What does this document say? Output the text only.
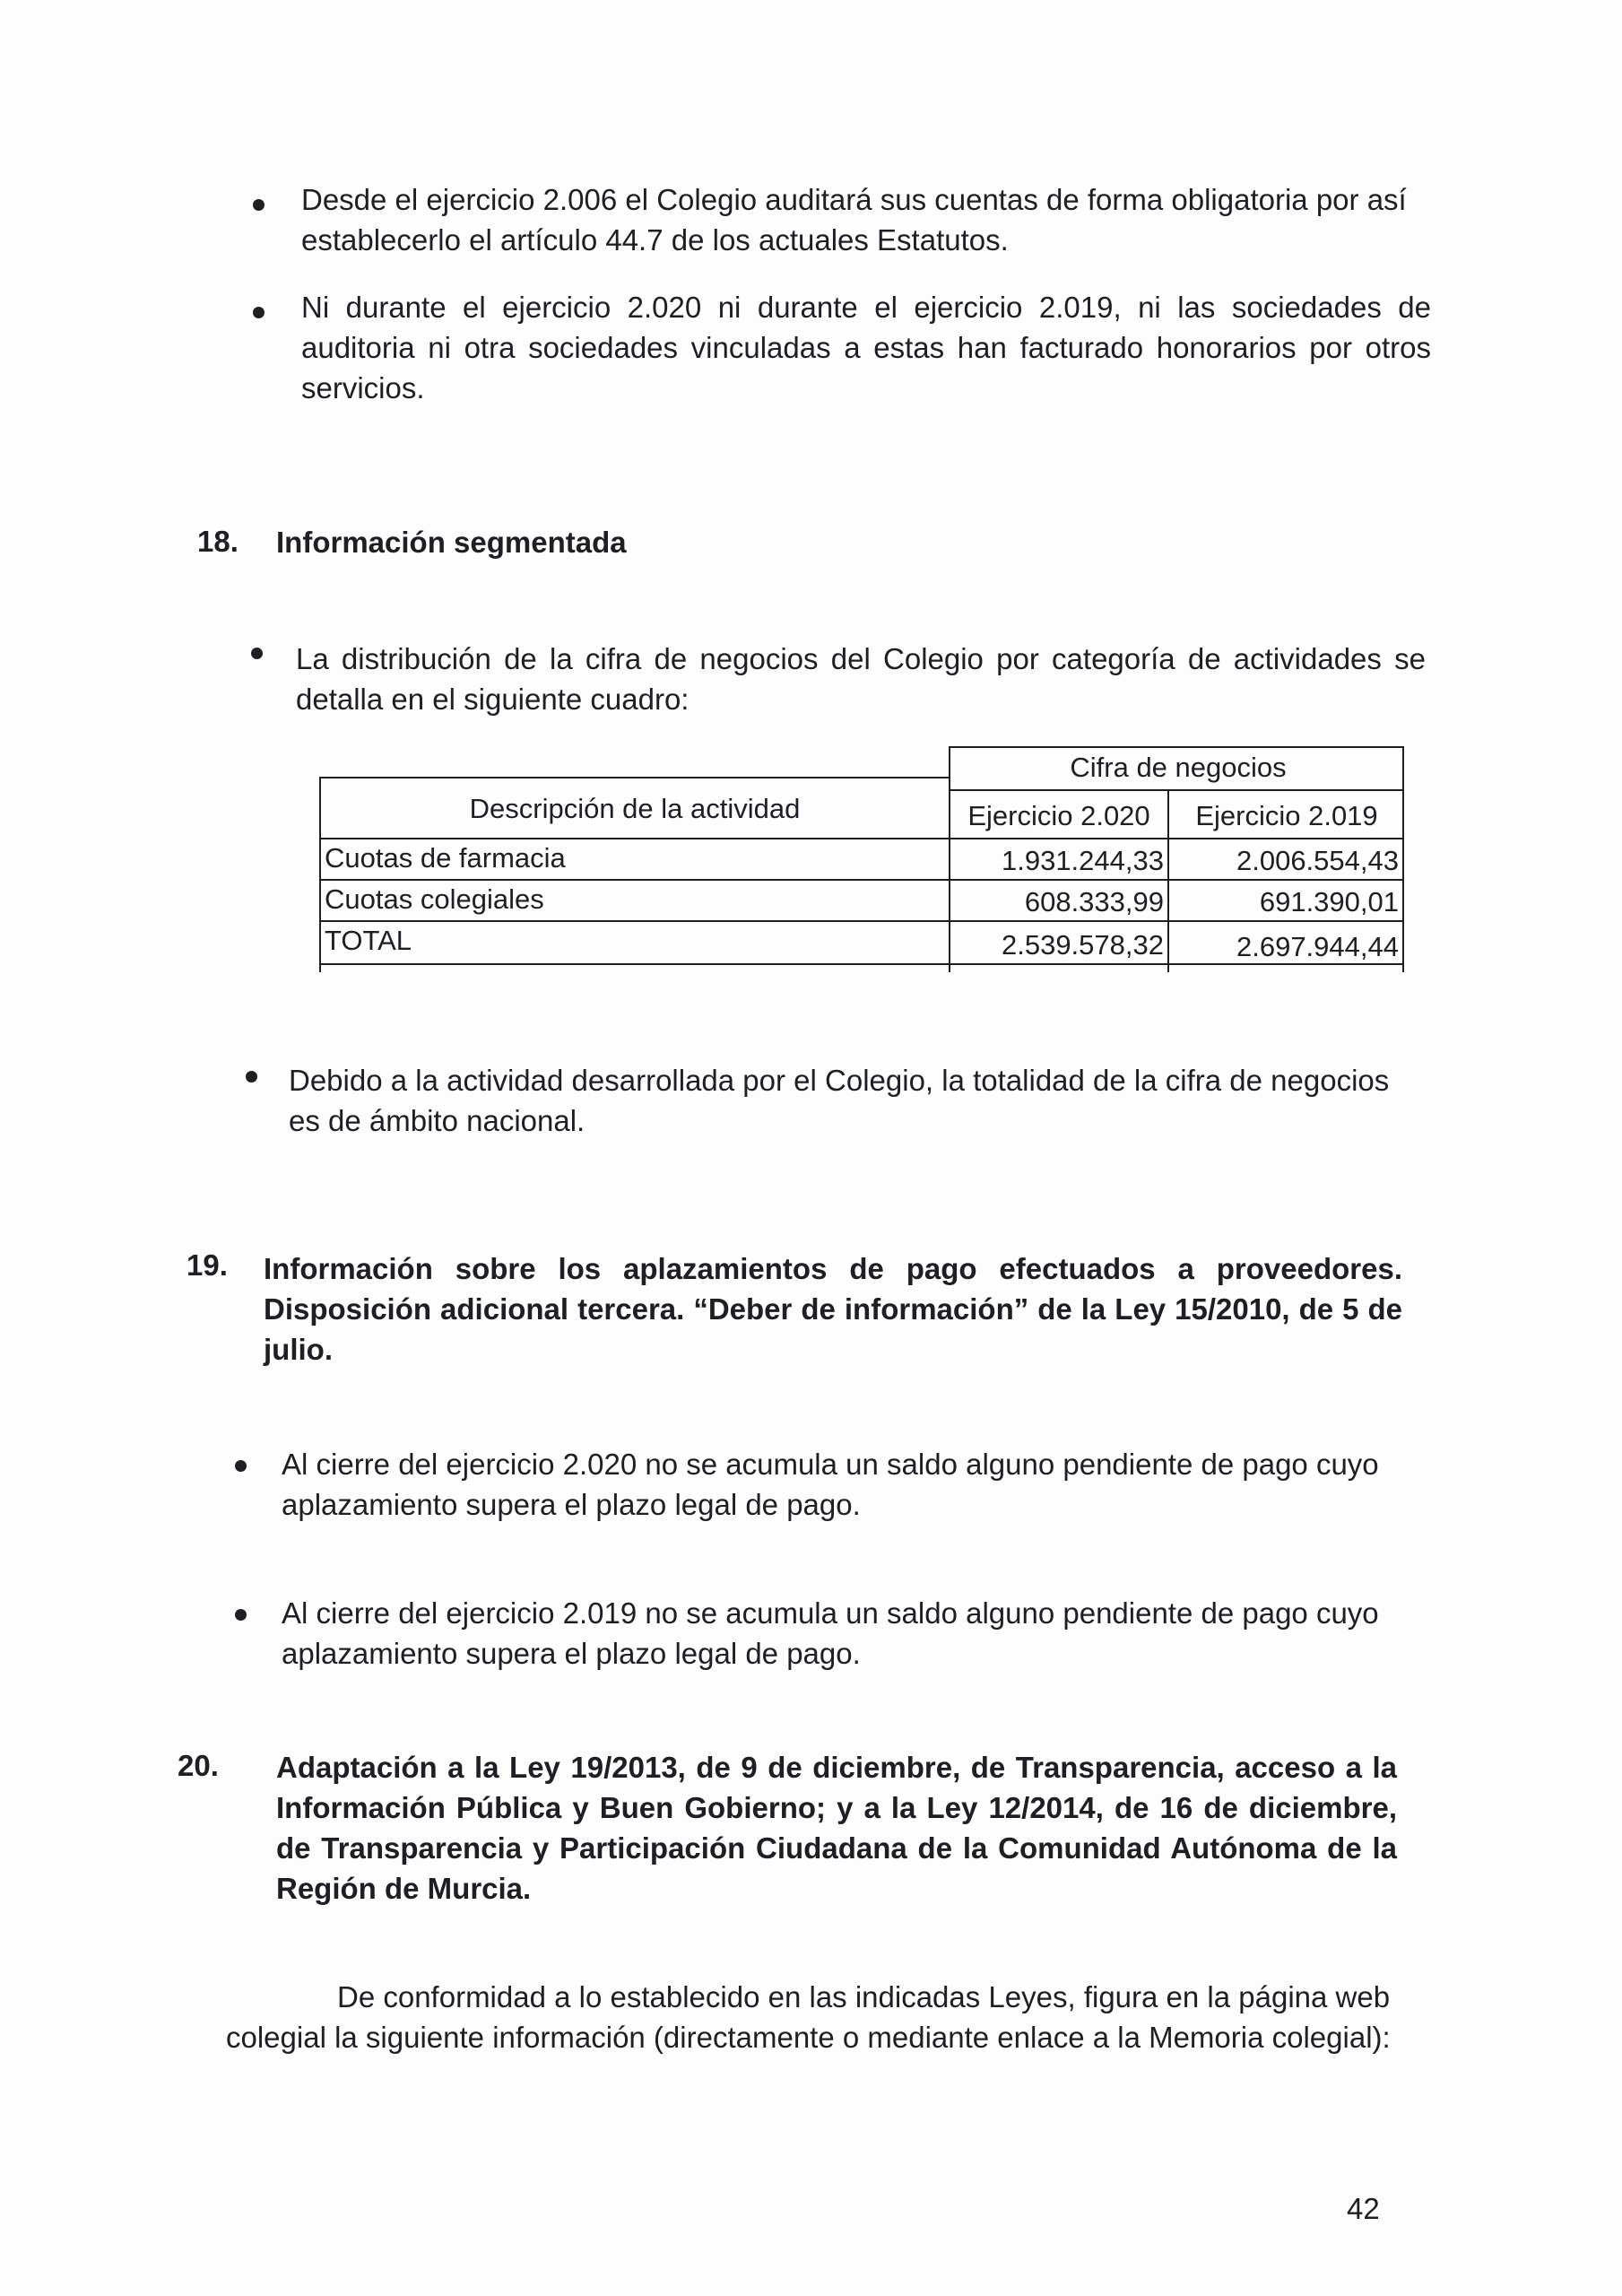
Desde el ejercicio 2.006 el Colegio auditará sus cuentas de forma obligatoria por así establecerlo el artículo 44.7 de los actuales Estatutos.

Ni durante el ejercicio 2.020 ni durante el ejercicio 2.019, ni las sociedades de auditoria ni otra sociedades vinculadas a estas han facturado honorarios por otros servicios.

18. Información segmentada

La distribución de la cifra de negocios del Colegio por categoría de actividades se detalla en el siguiente cuadro:

Cifra de negocios
Descripción de la actividad	Ejercicio 2.020	Ejercicio 2.019
Cuotas de farmacia	1.931.244,33	2.006.554,43
Cuotas colegiales	608.333,99	691.390,01
TOTAL	2.539.578,32	2.697.944,44

Debido a la actividad desarrollada por el Colegio, la totalidad de la cifra de negocios es de ámbito nacional.

19. Información sobre los aplazamientos de pago efectuados a proveedores. Disposición adicional tercera. “Deber de información” de la Ley 15/2010, de 5 de julio.

Al cierre del ejercicio 2.020 no se acumula un saldo alguno pendiente de pago cuyo aplazamiento supera el plazo legal de pago.

Al cierre del ejercicio 2.019 no se acumula un saldo alguno pendiente de pago cuyo aplazamiento supera el plazo legal de pago.

20. Adaptación a la Ley 19/2013, de 9 de diciembre, de Transparencia, acceso a la Información Pública y Buen Gobierno; y a la Ley 12/2014, de 16 de diciembre, de Transparencia y Participación Ciudadana de la Comunidad Autónoma de la Región de Murcia.

De conformidad a lo establecido en las indicadas Leyes, figura en la página web colegial la siguiente información (directamente o mediante enlace a la Memoria colegial):

42
